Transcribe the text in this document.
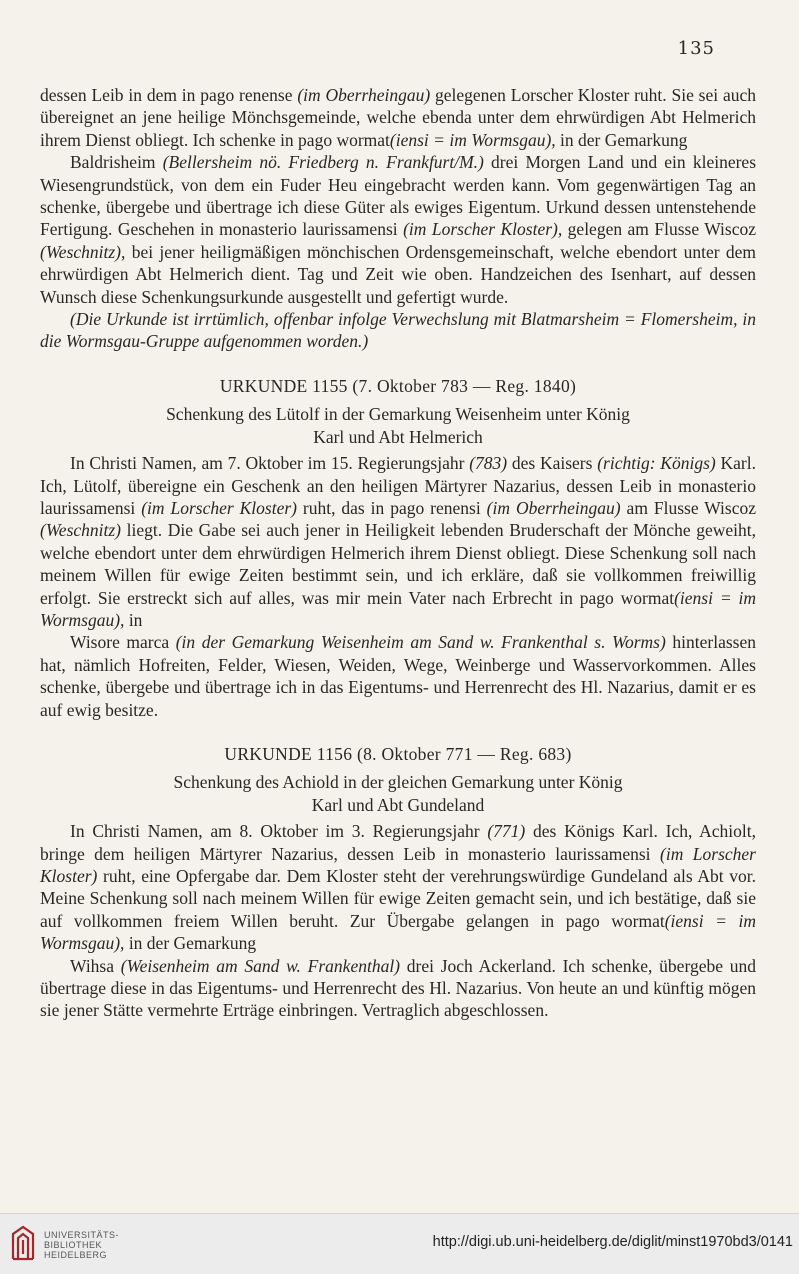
135

dessen Leib in dem in pago renense (im Oberrheingau) gelegenen Lorscher Kloster ruht. Sie sei auch übereignet an jene heilige Mönchsgemeinde, welche ebenda unter dem ehrwürdigen Abt Helmerich ihrem Dienst obliegt. Ich schenke in pago wormat(iensi = im Wormsgau), in der Gemarkung

Baldrisheim (Bellersheim nö. Friedberg n. Frankfurt/M.) drei Morgen Land und ein kleineres Wiesengrundstück, von dem ein Fuder Heu eingebracht werden kann. Vom gegenwärtigen Tag an schenke, übergebe und übertrage ich diese Güter als ewiges Eigentum. Urkund dessen untenstehende Fertigung. Geschehen in monasterio laurissamensi (im Lorscher Kloster), gelegen am Flusse Wiscoz (Weschnitz), bei jener heiligmäßigen mönchischen Ordensgemeinschaft, welche ebendort unter dem ehrwürdigen Abt Helmerich dient. Tag und Zeit wie oben. Handzeichen des Isenhart, auf dessen Wunsch diese Schenkungsurkunde ausgestellt und gefertigt wurde.

(Die Urkunde ist irrtümlich, offenbar infolge Verwechslung mit Blatmarsheim = Flomersheim, in die Wormsgau-Gruppe aufgenommen worden.)

URKUNDE 1155 (7. Oktober 783 — Reg. 1840)
Schenkung des Lütolf in der Gemarkung Weisenheim unter König
Karl und Abt Helmerich

In Christi Namen, am 7. Oktober im 15. Regierungsjahr (783) des Kaisers (richtig: Königs) Karl. Ich, Lütolf, übereigne ein Geschenk an den heiligen Märtyrer Nazarius, dessen Leib in monasterio laurissamensi (im Lorscher Kloster) ruht, das in pago renensi (im Oberrheingau) am Flusse Wiscoz (Weschnitz) liegt. Die Gabe sei auch jener in Heiligkeit lebenden Bruderschaft der Mönche geweiht, welche ebendort unter dem ehrwürdigen Helmerich ihrem Dienst obliegt. Diese Schenkung soll nach meinem Willen für ewige Zeiten bestimmt sein, und ich erkläre, daß sie vollkommen freiwillig erfolgt. Sie erstreckt sich auf alles, was mir mein Vater nach Erbrecht in pago wormat(iensi = im Wormsgau), in

Wisore marca (in der Gemarkung Weisenheim am Sand w. Frankenthal s. Worms) hinterlassen hat, nämlich Hofreiten, Felder, Wiesen, Weiden, Wege, Weinberge und Wasservorkommen. Alles schenke, übergebe und übertrage ich in das Eigentums- und Herrenrecht des Hl. Nazarius, damit er es auf ewig besitze.

URKUNDE 1156 (8. Oktober 771 — Reg. 683)
Schenkung des Achiold in der gleichen Gemarkung unter König
Karl und Abt Gundeland

In Christi Namen, am 8. Oktober im 3. Regierungsjahr (771) des Königs Karl. Ich, Achiolt, bringe dem heiligen Märtyrer Nazarius, dessen Leib in monasterio laurissamensi (im Lorscher Kloster) ruht, eine Opfergabe dar. Dem Kloster steht der verehrungswürdige Gundeland als Abt vor. Meine Schenkung soll nach meinem Willen für ewige Zeiten gemacht sein, und ich bestätige, daß sie auf vollkommen freiem Willen beruht. Zur Übergabe gelangen in pago wormat(iensi = im Wormsgau), in der Gemarkung

Wihsa (Weisenheim am Sand w. Frankenthal) drei Joch Ackerland. Ich schenke, übergebe und übertrage diese in das Eigentums- und Herrenrecht des Hl. Nazarius. Von heute an und künftig mögen sie jener Stätte vermehrte Erträge einbringen. Vertraglich abgeschlossen.

UNIVERSITÄTS-
BIBLIOTHEK
HEIDELBERG
http://digi.ub.uni-heidelberg.de/diglit/minst1970bd3/0141
